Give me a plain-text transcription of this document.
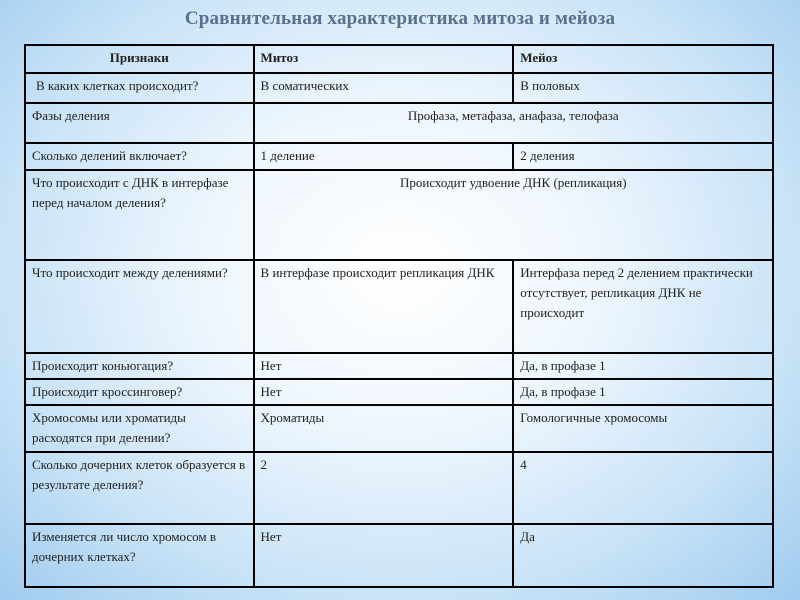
Сравнительная характеристика митоза и мейоза
Признаки	Митоз	Мейоз
В каких клетках происходит?	В соматических	В половых
Фазы деления	Профаза, метафаза, анафаза, телофаза	
Сколько делений включает?	1 деление	2 деления
Что происходит с ДНК в интерфазе перед началом деления?	Происходит удвоение ДНК (репликация)	
Что происходит между делениями?	В интерфазе происходит репликация ДНК	Интерфаза перед 2 делением практически отсутствует, репликация ДНК не происходит
Происходит коньюгация?	Нет	Да, в профазе 1
Происходит кроссинговер?	Нет	Да, в профазе 1
Хромосомы или хроматиды расходятся при делении?	Хроматиды	Гомологичные хромосомы
Сколько дочерних клеток образуется в результате деления?	2	4
Изменяется ли число хромосом в дочерних клетках?	Нет	Да
